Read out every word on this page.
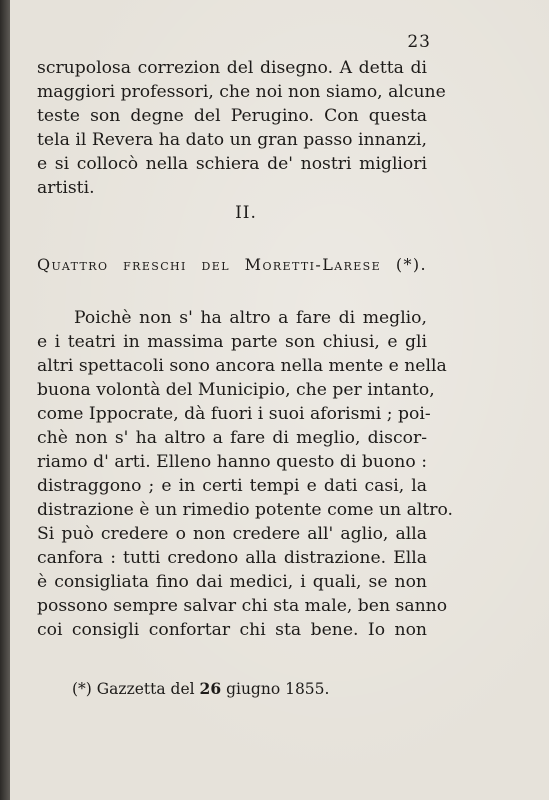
23
scrupolosa correzion del disegno. A detta di
maggiori professori, che noi non siamo, alcune
teste son degne del Perugino. Con questa
tela il Revera ha dato un gran passo innanzi,
e si collocò nella schiera de' nostri migliori
artisti.
II.
Quattro freschi del Moretti-Larese (*).
Poichè non s' ha altro a fare di meglio,
e i teatri in massima parte son chiusi, e gli
altri spettacoli sono ancora nella mente e nella
buona volontà del Municipio, che per intanto,
come Ippocrate, dà fuori i suoi aforismi ; poi-
chè non s' ha altro a fare di meglio, discor-
riamo d' arti. Elleno hanno questo di buono :
distraggono ; e in certi tempi e dati casi, la
distrazione è un rimedio potente come un altro.
Si può credere o non credere all' aglio, alla
canfora : tutti credono alla distrazione. Ella
è consigliata fino dai medici, i quali, se non
possono sempre salvar chi sta male, ben sanno
coi consigli confortar chi sta bene. Io non
(*) Gazzetta del 26 giugno 1855.
